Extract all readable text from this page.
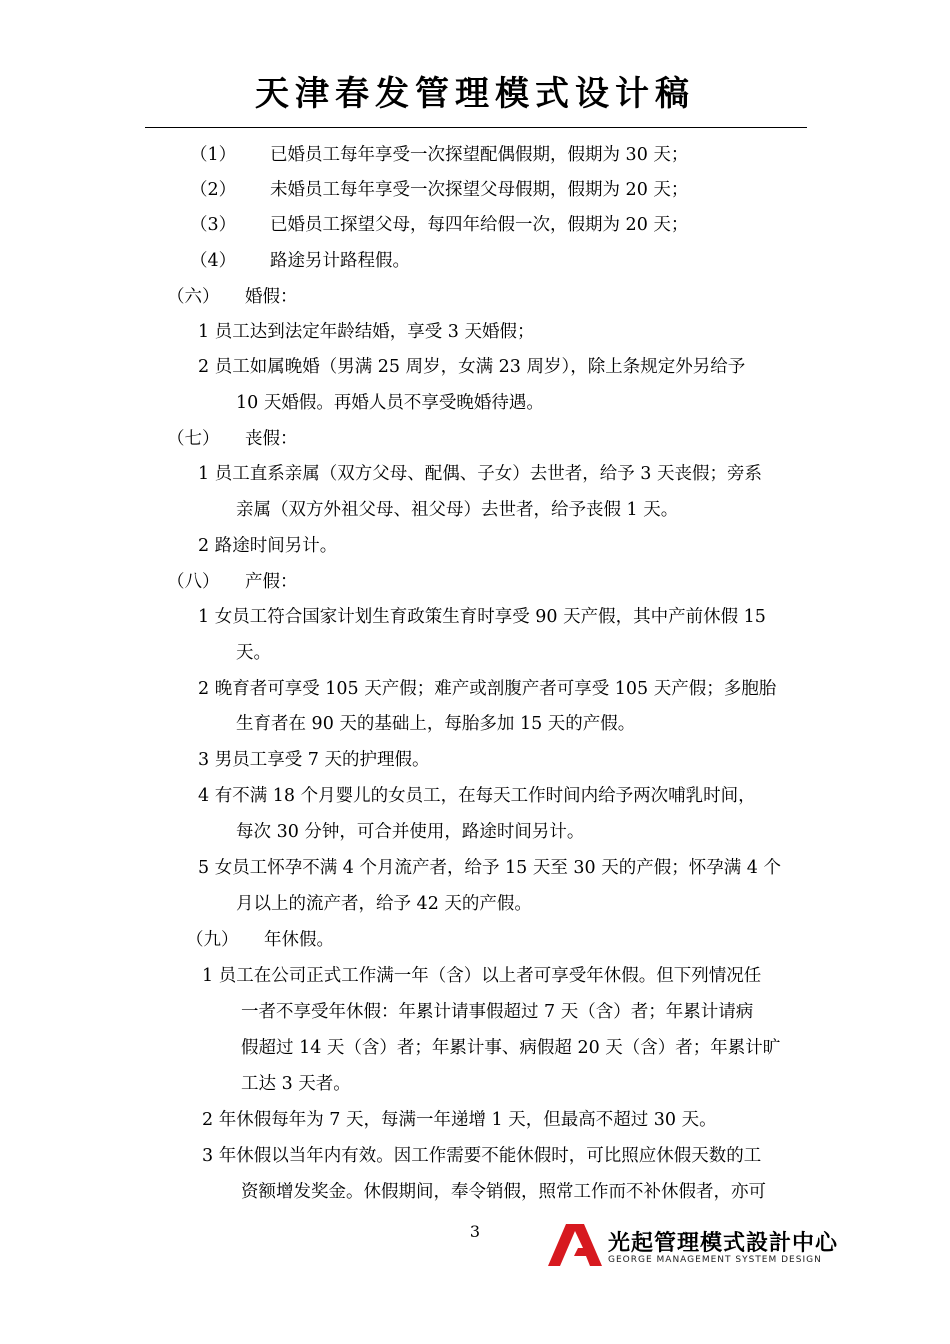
天津春发管理模式设计稿
（1） 已婚员工每年享受一次探望配偶假期，假期为 30 天；
（2） 未婚员工每年享受一次探望父母假期，假期为 20 天；
（3） 已婚员工探望父母，每四年给假一次，假期为 20 天；
（4） 路途另计路程假。
（六） 婚假：
1 员工达到法定年龄结婚，享受 3 天婚假；
2 员工如属晚婚（男满 25 周岁，女满 23 周岁），除上条规定外另给予
10 天婚假。再婚人员不享受晚婚待遇。
（七） 丧假：
1 员工直系亲属（双方父母、配偶、子女）去世者，给予 3 天丧假；旁系
亲属（双方外祖父母、祖父母）去世者，给予丧假 1 天。
2 路途时间另计。
（八） 产假：
1 女员工符合国家计划生育政策生育时享受 90 天产假，其中产前休假 15
天。
2 晚育者可享受 105 天产假；难产或剖腹产者可享受 105 天产假；多胞胎
生育者在 90 天的基础上，每胎多加 15 天的产假。
3 男员工享受 7 天的护理假。
4 有不满 18 个月婴儿的女员工，在每天工作时间内给予两次哺乳时间，
每次 30 分钟，可合并使用，路途时间另计。
5 女员工怀孕不满 4 个月流产者，给予 15 天至 30 天的产假；怀孕满 4 个
月以上的流产者，给予 42 天的产假。
（九） 年休假。
1 员工在公司正式工作满一年（含）以上者可享受年休假。但下列情况任
一者不享受年休假：年累计请事假超过 7 天（含）者；年累计请病
假超过 14 天（含）者；年累计事、病假超 20 天（含）者；年累计旷
工达 3 天者。
2 年休假每年为 7 天，每满一年递增 1 天，但最高不超过 30 天。
3 年休假以当年内有效。因工作需要不能休假时，可比照应休假天数的工
资额增发奖金。休假期间，奉令销假，照常工作而不补休假者，亦可
3	光起管理模式設計中心
GEORGE MANAGEMENT SYSTEM DESIGN
